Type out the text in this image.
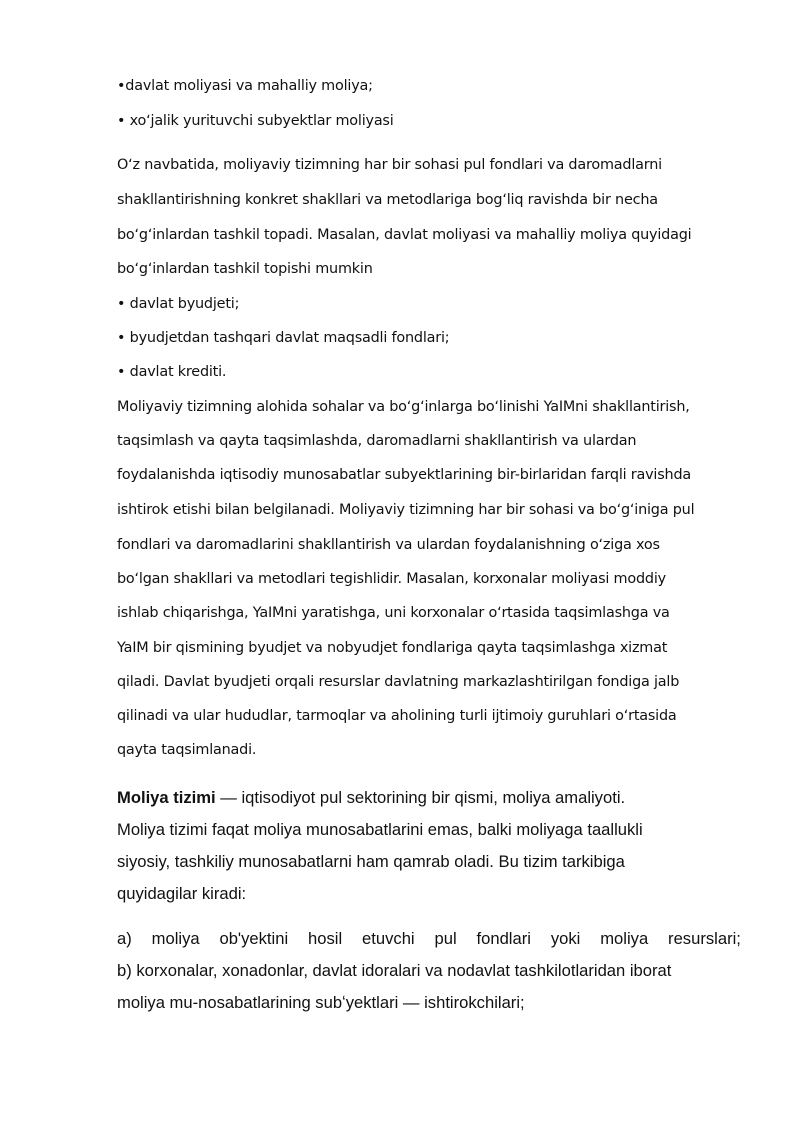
•davlat moliyasi va mahalliy moliya;

• xoʻjalik yurituvchi subyektlar moliyasi

Oʻz navbatida, moliyaviy tizimning har bir sohasi pul fondlari va daromadlarni

shakllantirishning konkret shakllari va metodlariga bogʻliq ravishda bir necha

boʻgʻinlardan tashkil topadi. Masalan, davlat moliyasi va mahalliy moliya quyidagi

boʻgʻinlardan tashkil topishi mumkin

• davlat byudjeti;

• byudjetdan tashqari davlat maqsadli fondlari;

• davlat krediti.

Moliyaviy tizimning alohida sohalar va boʻgʻinlarga boʻlinishi YaIMni shakllantirish,

taqsimlash va qayta taqsimlashda, daromadlarni shakllantirish va ulardan

foydalanishda iqtisodiy munosabatlar subyektlarining bir-birlaridan farqli ravishda

ishtirok etishi bilan belgilanadi. Moliyaviy tizimning har bir sohasi va boʻgʻiniga pul

fondlari va daromadlarini shakllantirish va ulardan foydalanishning oʻziga xos

boʻlgan shakllari va metodlari tegishlidir. Masalan, korxonalar moliyasi moddiy

ishlab chiqarishga, YaIMni yaratishga, uni korxonalar oʻrtasida taqsimlashga va

YaIM bir qismining byudjet va nobyudjet fondlariga qayta taqsimlashga xizmat

qiladi. Davlat byudjeti orqali resurslar davlatning markazlashtirilgan fondiga jalb

qilinadi va ular hududlar, tarmoqlar va aholining turli ijtimoiy guruhlari oʻrtasida

qayta taqsimlanadi.

Moliya tizimi — iqtisodiyot pul sektorining bir qismi, moliya amaliyoti.

Moliya tizimi faqat moliya munosabatlarini emas, balki moliyaga taallukli

siyosiy, tashkiliy munosabatlarni ham qamrab oladi. Bu tizim tarkibiga

quyidagilar kiradi:

a) moliya ob'yektini hosil etuvchi pul fondlari yoki moliya resurslari;

b) korxonalar, xonadonlar, davlat idoralari va nodavlat tashkilotlaridan iborat

moliya mu-nosabatlarining subʻyektlari — ishtirokchilari;
